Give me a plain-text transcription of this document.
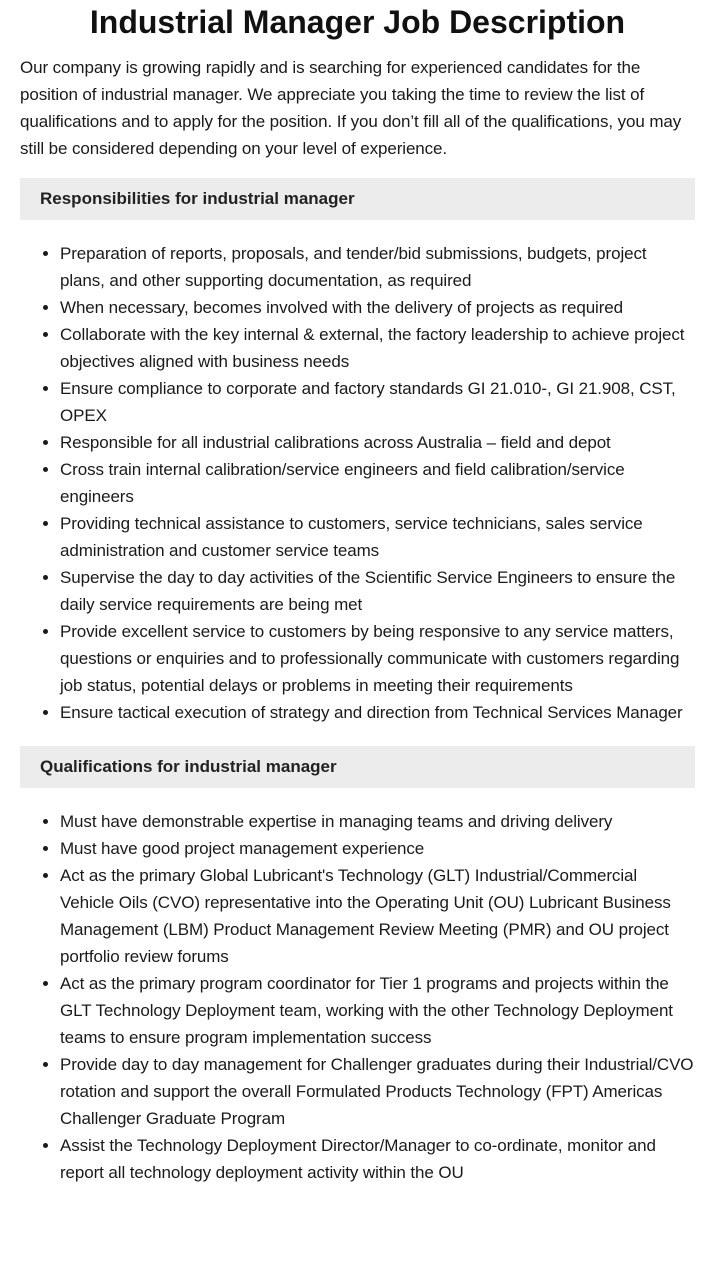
Industrial Manager Job Description

Our company is growing rapidly and is searching for experienced candidates for the position of industrial manager. We appreciate you taking the time to review the list of qualifications and to apply for the position. If you don’t fill all of the qualifications, you may still be considered depending on your level of experience.

Responsibilities for industrial manager
• Preparation of reports, proposals, and tender/bid submissions, budgets, project plans, and other supporting documentation, as required
• When necessary, becomes involved with the delivery of projects as required
• Collaborate with the key internal & external, the factory leadership to achieve project objectives aligned with business needs
• Ensure compliance to corporate and factory standards GI 21.010-, GI 21.908, CST, OPEX
• Responsible for all industrial calibrations across Australia – field and depot
• Cross train internal calibration/service engineers and field calibration/service engineers
• Providing technical assistance to customers, service technicians, sales service administration and customer service teams
• Supervise the day to day activities of the Scientific Service Engineers to ensure the daily service requirements are being met
• Provide excellent service to customers by being responsive to any service matters, questions or enquiries and to professionally communicate with customers regarding job status, potential delays or problems in meeting their requirements
• Ensure tactical execution of strategy and direction from Technical Services Manager
Qualifications for industrial manager
• Must have demonstrable expertise in managing teams and driving delivery
• Must have good project management experience
• Act as the primary Global Lubricant's Technology (GLT) Industrial/Commercial Vehicle Oils (CVO) representative into the Operating Unit (OU) Lubricant Business Management (LBM) Product Management Review Meeting (PMR) and OU project portfolio review forums
• Act as the primary program coordinator for Tier 1 programs and projects within the GLT Technology Deployment team, working with the other Technology Deployment teams to ensure program implementation success
• Provide day to day management for Challenger graduates during their Industrial/CVO rotation and support the overall Formulated Products Technology (FPT) Americas Challenger Graduate Program
• Assist the Technology Deployment Director/Manager to co-ordinate, monitor and report all technology deployment activity within the OU
